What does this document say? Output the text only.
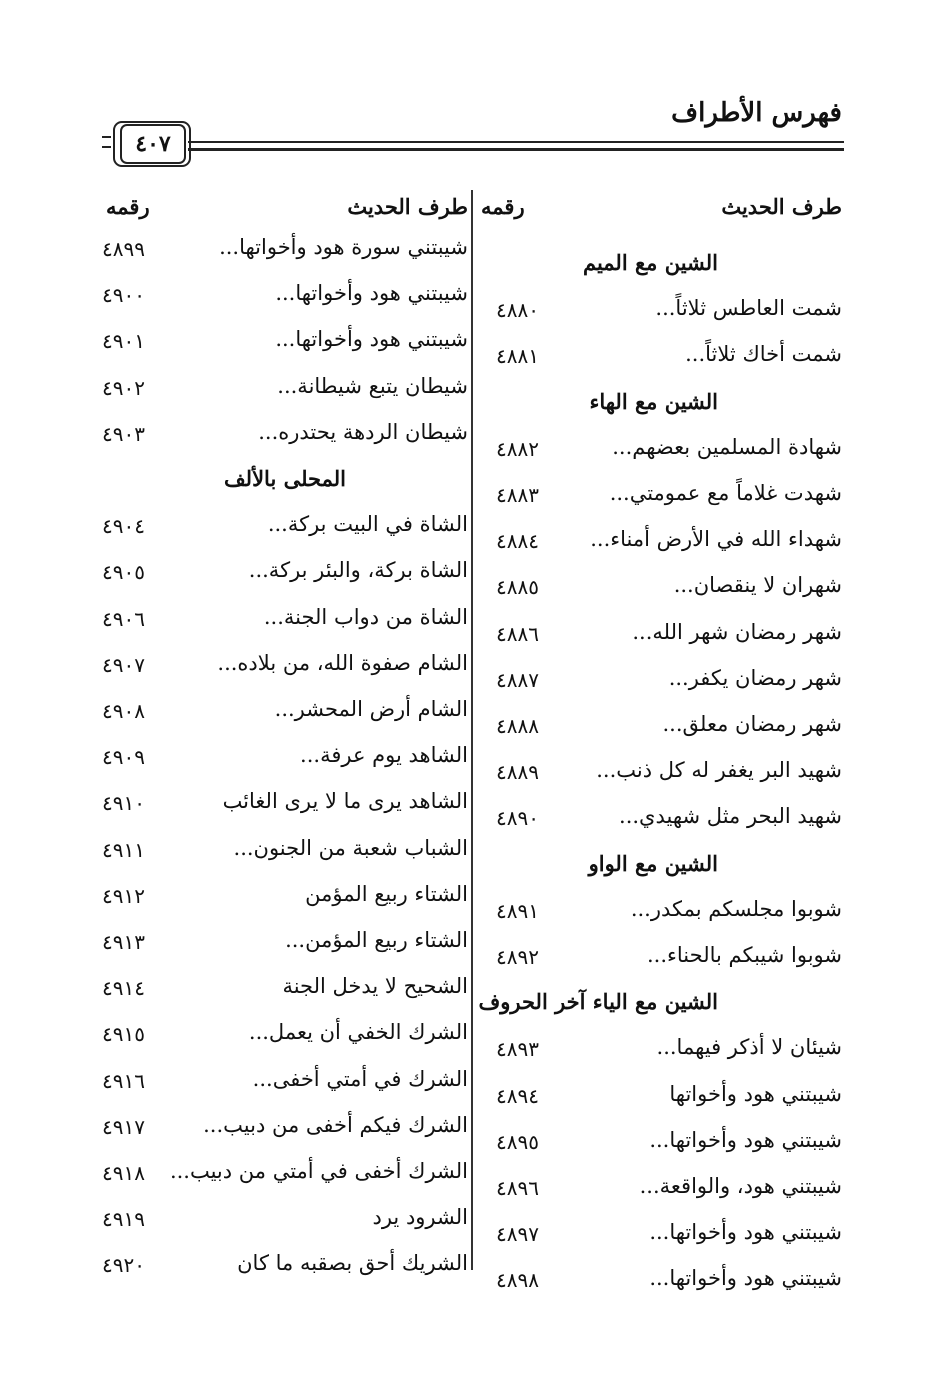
فهرس الأطراف
٤٠٧
طرف الحديث
رقمه
طرف الحديث
رقمه
الشين مع الميم
شمت العاطس ثلاثاً...
٤٨٨٠
شمت أخاك ثلاثاً...
٤٨٨١
الشين مع الهاء
شهادة المسلمين بعضهم...
٤٨٨٢
شهدت غلاماً مع عمومتي...
٤٨٨٣
شهداء الله في الأرض أمناء...
٤٨٨٤
شهران لا ينقصان...
٤٨٨٥
شهر رمضان شهر الله...
٤٨٨٦
شهر رمضان يكفر...
٤٨٨٧
شهر رمضان معلق...
٤٨٨٨
شهيد البر يغفر له كل ذنب...
٤٨٨٩
شهيد البحر مثل شهيدي...
٤٨٩٠
الشين مع الواو
شوبوا مجلسكم بمكدر...
٤٨٩١
شوبوا شيبكم بالحناء...
٤٨٩٢
الشين مع الياء آخر الحروف
شيئان لا أذكر فيهما...
٤٨٩٣
شيبتني هود وأخواتها
٤٨٩٤
شيبتني هود وأخواتها...
٤٨٩٥
شيبتني هود، والواقعة...
٤٨٩٦
شيبتني هود وأخواتها...
٤٨٩٧
شيبتني هود وأخواتها...
٤٨٩٨
شيبتني سورة هود وأخواتها...
٤٨٩٩
شيبتني هود وأخواتها...
٤٩٠٠
شيبتني هود وأخواتها...
٤٩٠١
شيطان يتبع شيطانة...
٤٩٠٢
شيطان الردهة يحتدره...
٤٩٠٣
المحلى بالألف
الشاة في البيت بركة...
٤٩٠٤
الشاة بركة، والبئر بركة...
٤٩٠٥
الشاة من دواب الجنة...
٤٩٠٦
الشام صفوة الله، من بلاده...
٤٩٠٧
الشام أرض المحشر...
٤٩٠٨
الشاهد يوم عرفة...
٤٩٠٩
الشاهد يرى ما لا يرى الغائب
٤٩١٠
الشباب شعبة من الجنون...
٤٩١١
الشتاء ربيع المؤمن
٤٩١٢
الشتاء ربيع المؤمن...
٤٩١٣
الشحيح لا يدخل الجنة
٤٩١٤
الشرك الخفي أن يعمل...
٤٩١٥
الشرك في أمتي أخفى...
٤٩١٦
الشرك فيكم أخفى من دبيب...
٤٩١٧
الشرك أخفى في أمتي من دبيب...
٤٩١٨
الشرود يرد
٤٩١٩
الشريك أحق بصقبه ما كان
٤٩٢٠
